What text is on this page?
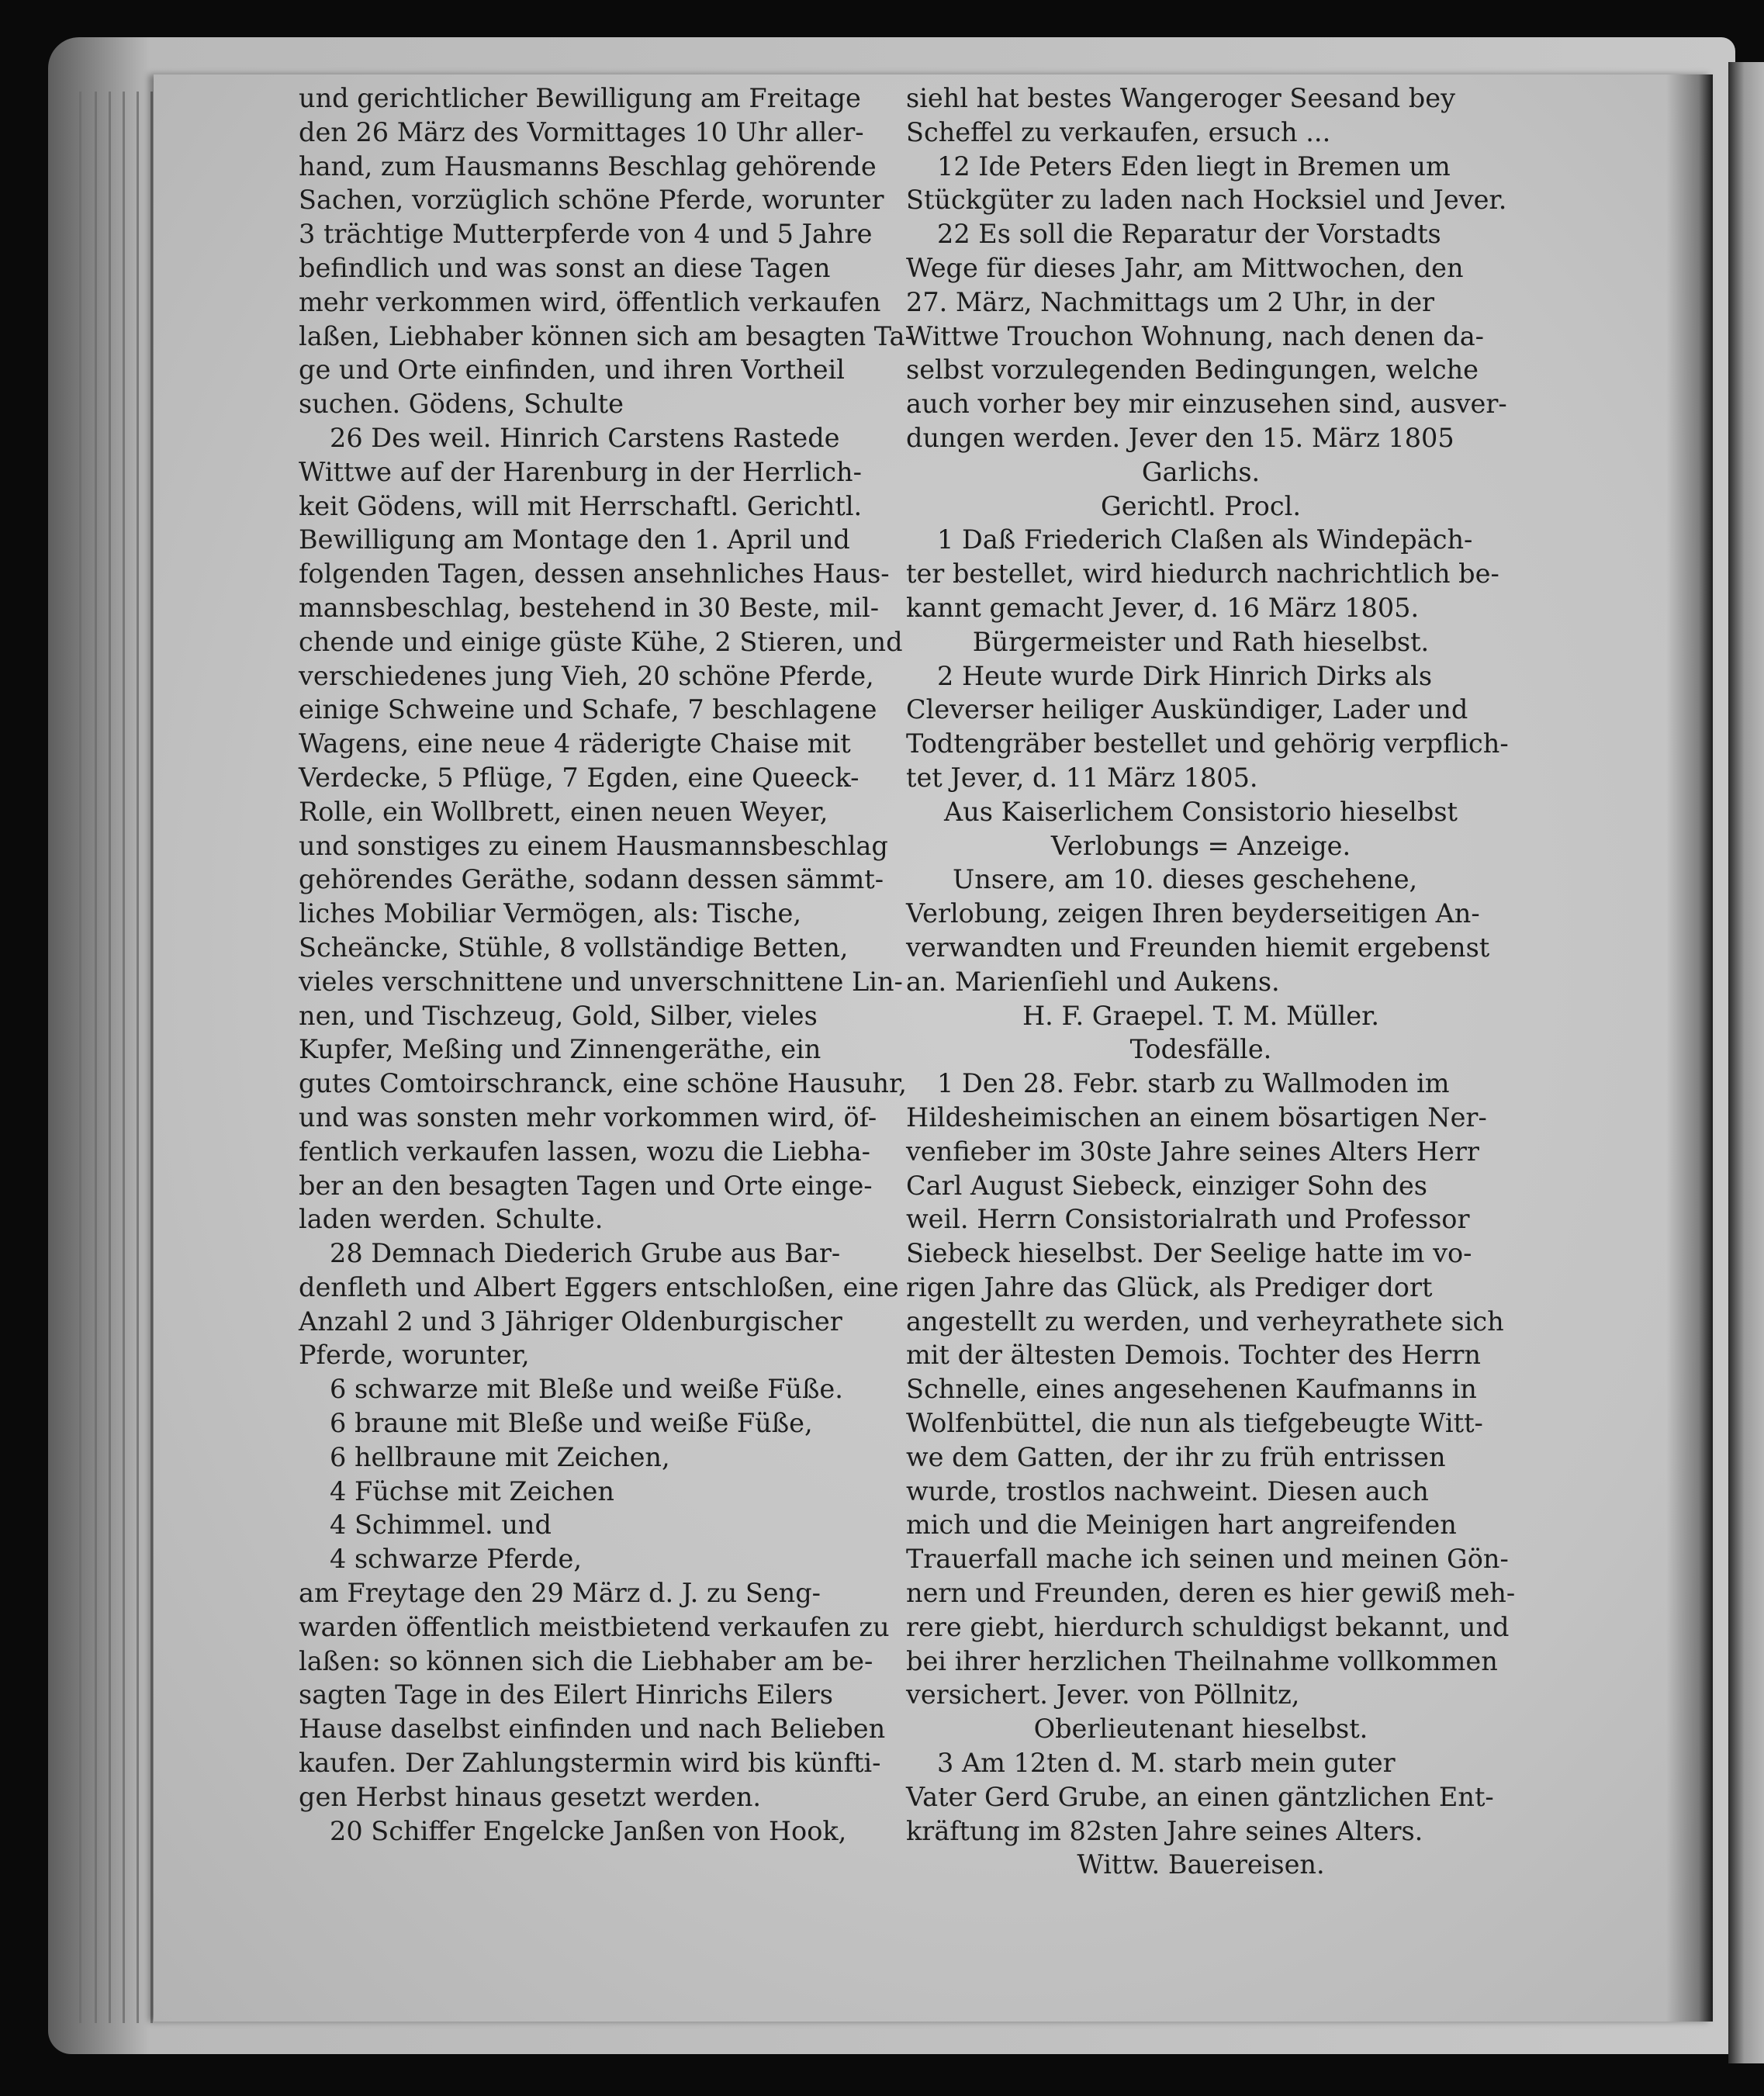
und gerichtlicher Bewilligung am Freitage
den 26 März des Vormittages 10 Uhr aller-
hand, zum Hausmanns Beschlag gehörende
Sachen, vorzüglich schöne Pferde, worunter
3 trächtige Mutterpferde von 4 und 5 Jahre
befindlich und was sonst an diese Tagen
mehr verkommen wird, öffentlich verkaufen
laßen, Liebhaber können sich am besagten Ta-
ge und Orte einfinden, und ihren Vortheil
suchen. Gödens, Schulte
26 Des weil. Hinrich Carstens Rastede
Wittwe auf der Harenburg in der Herrlich-
keit Gödens, will mit Herrschaftl. Gerichtl.
Bewilligung am Montage den 1. April und
folgenden Tagen, dessen ansehnliches Haus-
mannsbeschlag, bestehend in 30 Beste, mil-
chende und einige güste Kühe, 2 Stieren, und
verschiedenes jung Vieh, 20 schöne Pferde,
einige Schweine und Schafe, 7 beschlagene
Wagens, eine neue 4 räderigte Chaise mit
Verdecke, 5 Pflüge, 7 Egden, eine Queeck-
Rolle, ein Wollbrett, einen neuen Weyer,
und sonstiges zu einem Hausmannsbeschlag
gehörendes Geräthe, sodann dessen sämmt-
liches Mobiliar Vermögen, als: Tische,
Scheäncke, Stühle, 8 vollständige Betten,
vieles verschnittene und unverschnittene Lin-
nen, und Tischzeug, Gold, Silber, vieles
Kupfer, Meßing und Zinnengeräthe, ein
gutes Comtoirschranck, eine schöne Hausuhr,
und was sonsten mehr vorkommen wird, öf-
fentlich verkaufen lassen, wozu die Liebha-
ber an den besagten Tagen und Orte einge-
laden werden. Schulte.
28 Demnach Diederich Grube aus Bar-
denfleth und Albert Eggers entschloßen, eine
Anzahl 2 und 3 Jähriger Oldenburgischer
Pferde, worunter,
6 schwarze mit Bleße und weiße Füße.
6 braune mit Bleße und weiße Füße,
6 hellbraune mit Zeichen,
4 Füchse mit Zeichen
4 Schimmel. und
4 schwarze Pferde,
am Freytage den 29 März d. J. zu Seng-
warden öffentlich meistbietend verkaufen zu
laßen: so können sich die Liebhaber am be-
sagten Tage in des Eilert Hinrichs Eilers
Hause daselbst einfinden und nach Belieben
kaufen. Der Zahlungstermin wird bis künfti-
gen Herbst hinaus gesetzt werden.
20 Schiffer Engelcke Janßen von Hook,
siehl hat bestes Wangeroger Seesand bey
Scheffel zu verkaufen, ersuch ...
12 Ide Peters Eden liegt in Bremen um
Stückgüter zu laden nach Hocksiel und Jever.
22 Es soll die Reparatur der Vorstadts
Wege für dieses Jahr, am Mittwochen, den
27. März, Nachmittags um 2 Uhr, in der
Wittwe Trouchon Wohnung, nach denen da-
selbst vorzulegenden Bedingungen, welche
auch vorher bey mir einzusehen sind, ausver-
dungen werden. Jever den 15. März 1805
Garlichs.
Gerichtl. Procl.
1 Daß Friederich Claßen als Windepäch-
ter bestellet, wird hiedurch nachrichtlich be-
kannt gemacht Jever, d. 16 März 1805.
Bürgermeister und Rath hieselbst.
2 Heute wurde Dirk Hinrich Dirks als
Cleverser heiliger Auskündiger, Lader und
Todtengräber bestellet und gehörig verpflich-
tet Jever, d. 11 März 1805.
Aus Kaiserlichem Consistorio hieselbst
Verlobungs = Anzeige.
Unsere, am 10. dieses geschehene,
Verlobung, zeigen Ihren beyderseitigen An-
verwandten und Freunden hiemit ergebenst
an. Marienſiehl und Aukens.
H. F. Graepel. T. M. Müller.
Todesfälle.
1 Den 28. Febr. starb zu Wallmoden im
Hildesheimischen an einem bösartigen Ner-
venfieber im 30ste Jahre seines Alters Herr
Carl August Siebeck, einziger Sohn des
weil. Herrn Consistorialrath und Professor
Siebeck hieselbst. Der Seelige hatte im vo-
rigen Jahre das Glück, als Prediger dort
angestellt zu werden, und verheyrathete sich
mit der ältesten Demois. Tochter des Herrn
Schnelle, eines angesehenen Kaufmanns in
Wolfenbüttel, die nun als tiefgebeugte Witt-
we dem Gatten, der ihr zu früh entrissen
wurde, trostlos nachweint. Diesen auch
mich und die Meinigen hart angreifenden
Trauerfall mache ich seinen und meinen Gön-
nern und Freunden, deren es hier gewiß meh-
rere giebt, hierdurch schuldigst bekannt, und
bei ihrer herzlichen Theilnahme vollkommen
versichert. Jever. von Pöllnitz,
Oberlieutenant hieselbst.
3 Am 12ten d. M. starb mein guter
Vater Gerd Grube, an einen gäntzlichen Ent-
kräftung im 82sten Jahre seines Alters.
Wittw. Bauereisen.
